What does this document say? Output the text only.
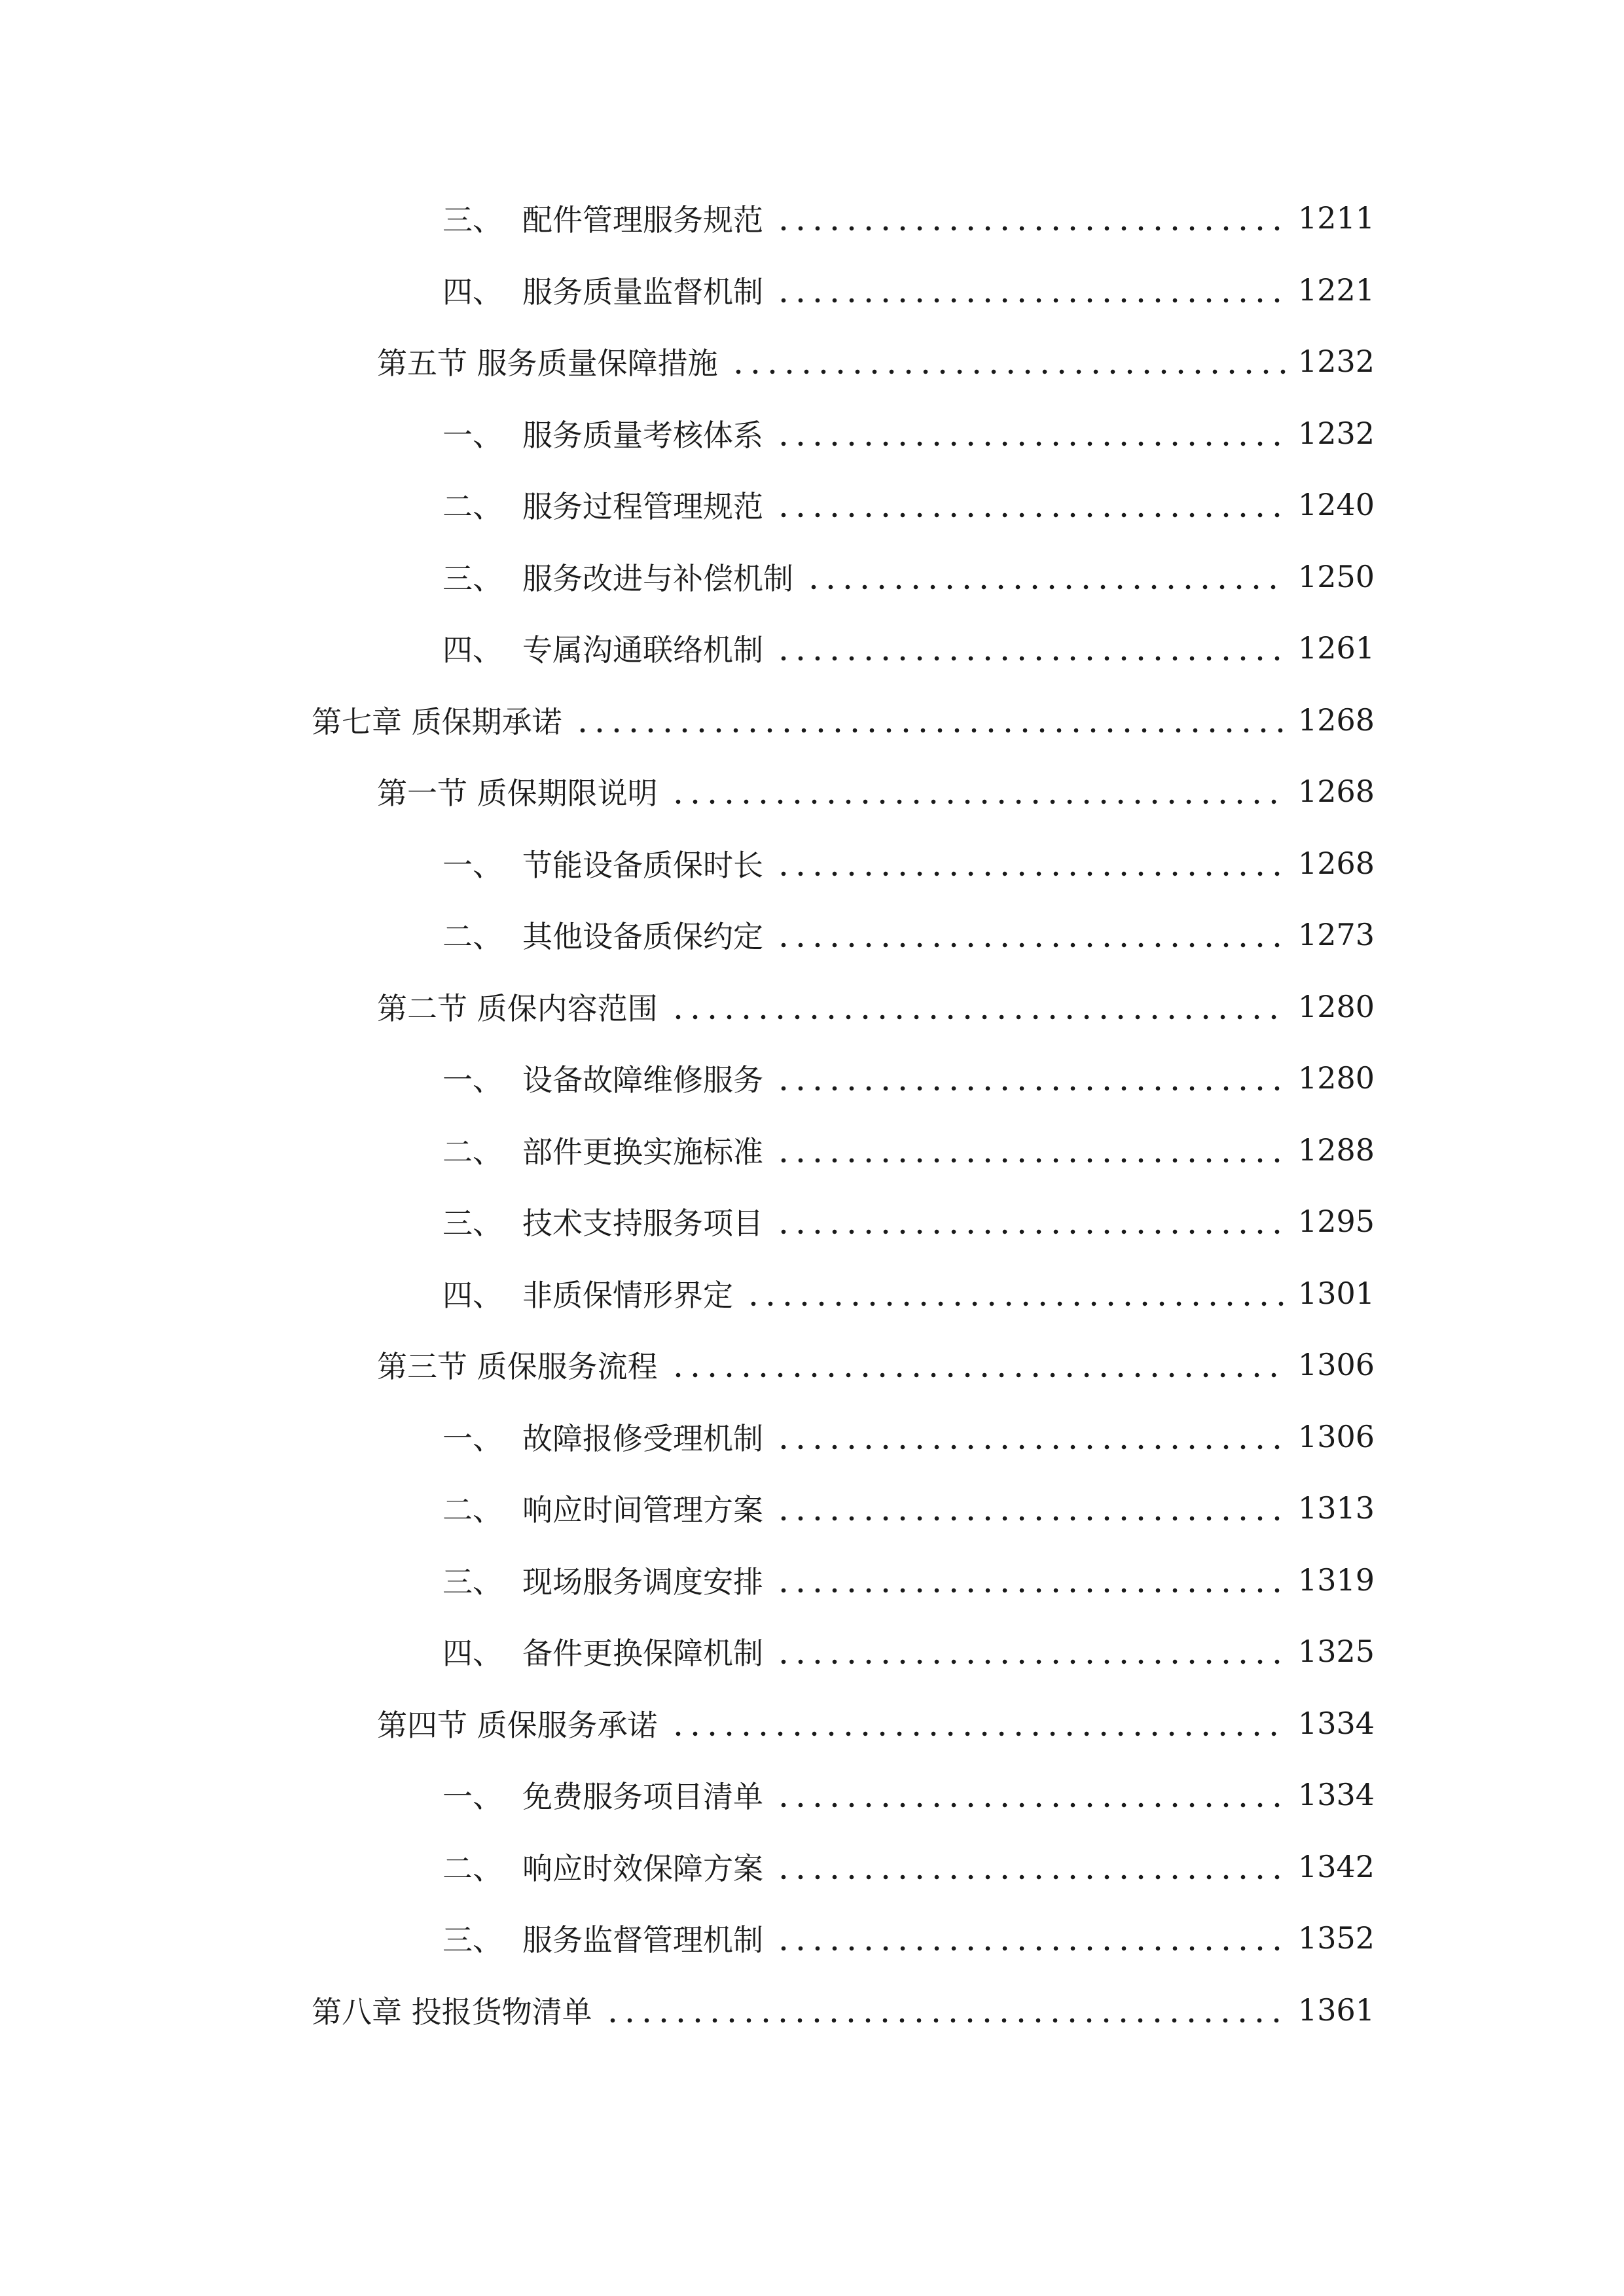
三、 配件管理服务规范	1211
四、 服务质量监督机制	1221
第五节 服务质量保障措施	1232
一、 服务质量考核体系	1232
二、 服务过程管理规范	1240
三、 服务改进与补偿机制	1250
四、 专属沟通联络机制	1261
第七章 质保期承诺	1268
第一节 质保期限说明	1268
一、 节能设备质保时长	1268
二、 其他设备质保约定	1273
第二节 质保内容范围	1280
一、 设备故障维修服务	1280
二、 部件更换实施标准	1288
三、 技术支持服务项目	1295
四、 非质保情形界定	1301
第三节 质保服务流程	1306
一、 故障报修受理机制	1306
二、 响应时间管理方案	1313
三、 现场服务调度安排	1319
四、 备件更换保障机制	1325
第四节 质保服务承诺	1334
一、 免费服务项目清单	1334
二、 响应时效保障方案	1342
三、 服务监督管理机制	1352
第八章 投报货物清单	1361
